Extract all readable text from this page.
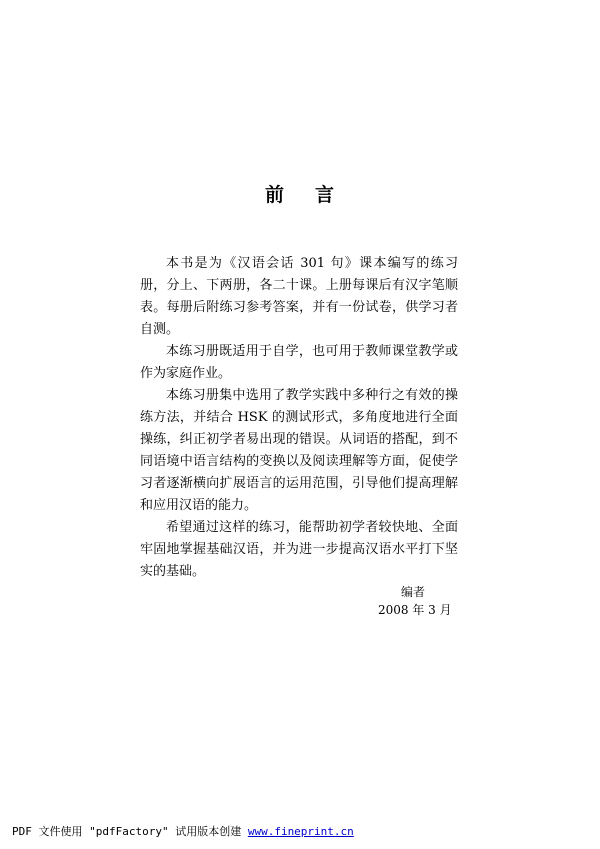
前 言

本书是为《汉语会话 301 句》课本编写的练习册，分上、下两册，各二十课。上册每课后有汉字笔顺表。每册后附练习参考答案，并有一份试卷，供学习者自测。

本练习册既适用于自学，也可用于教师课堂教学或作为家庭作业。

本练习册集中选用了教学实践中多种行之有效的操练方法，并结合 HSK 的测试形式，多角度地进行全面操练，纠正初学者易出现的错误。从词语的搭配，到不同语境中语言结构的变换以及阅读理解等方面，促使学习者逐渐横向扩展语言的运用范围，引导他们提高理解和应用汉语的能力。

希望通过这样的练习，能帮助初学者较快地、全面牢固地掌握基础汉语，并为进一步提高汉语水平打下坚实的基础。

编者
2008 年 3 月
PDF 文件使用 "pdfFactory" 试用版本创建 www.fineprint.cn
